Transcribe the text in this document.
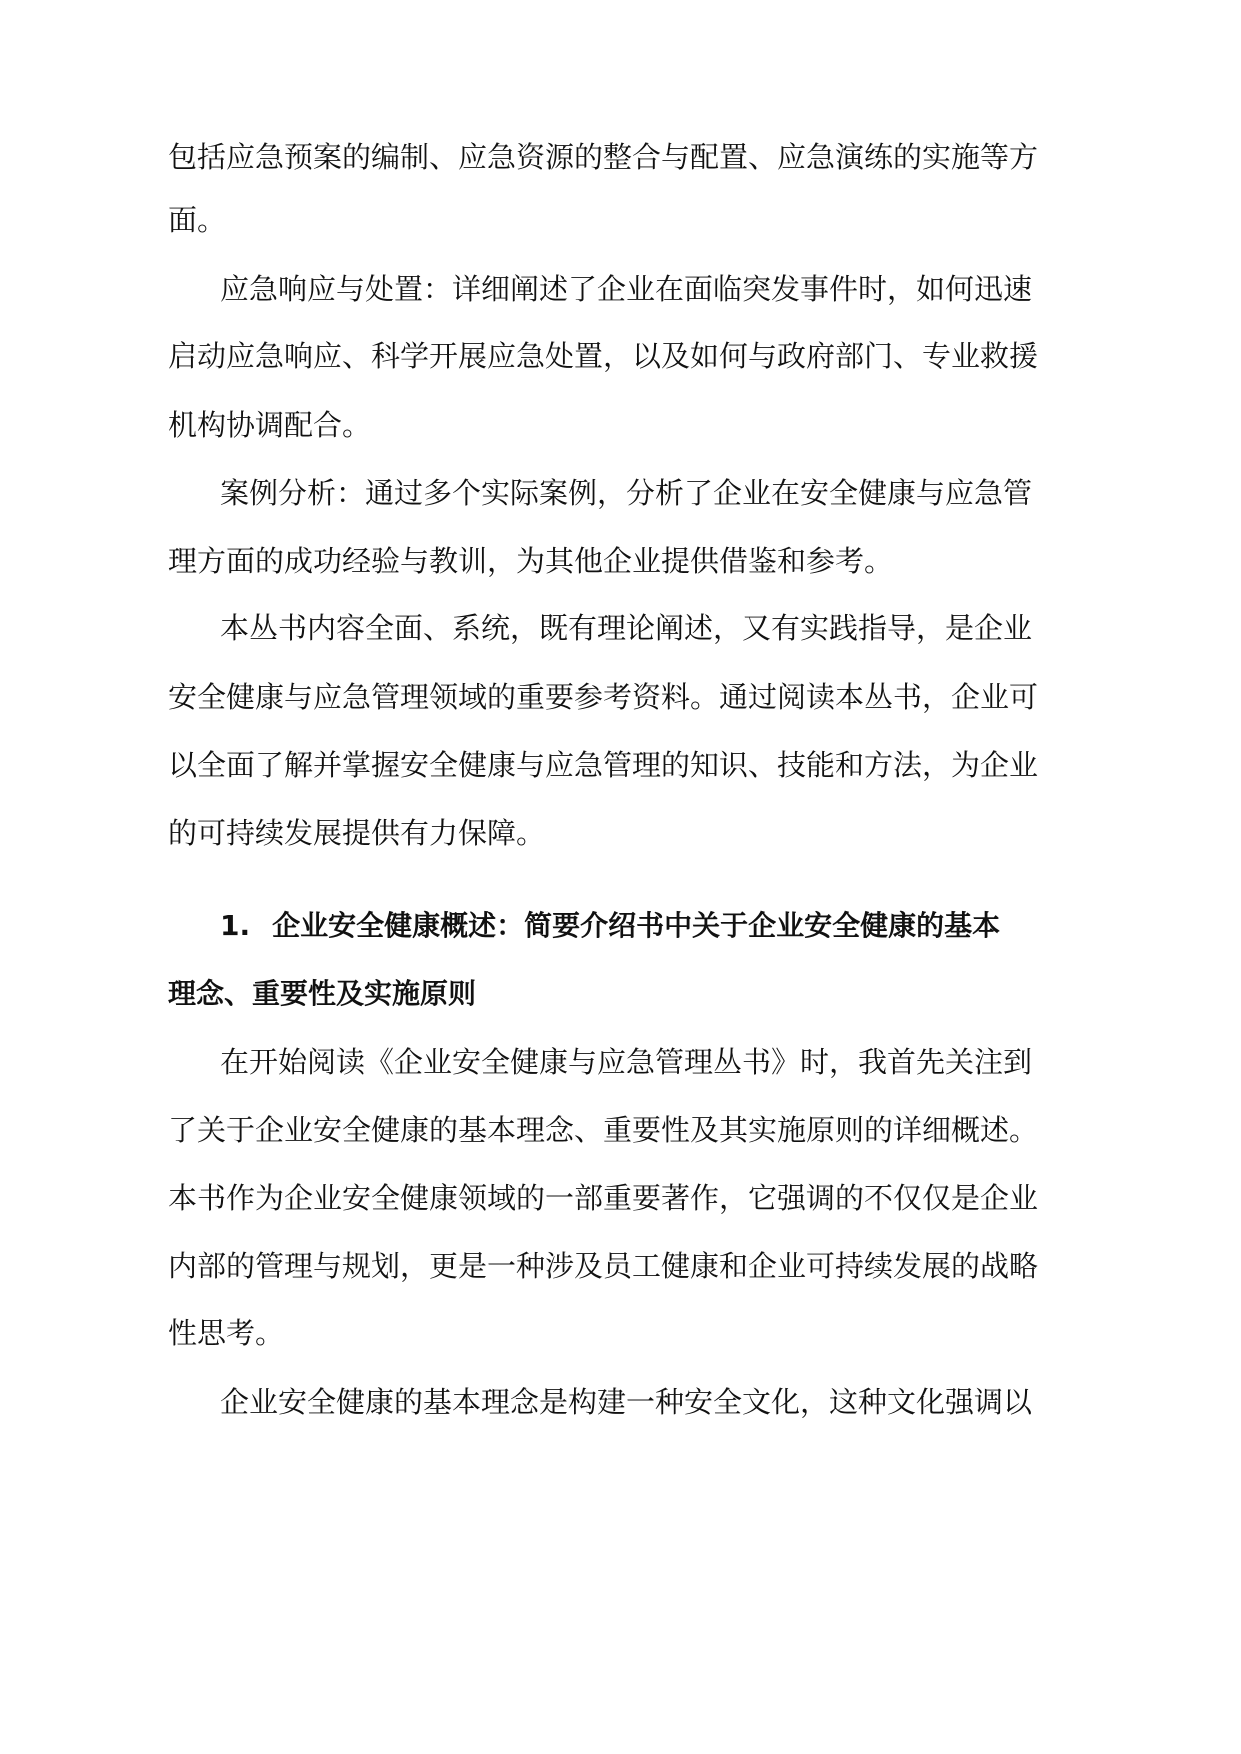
包括应急预案的编制、应急资源的整合与配置、应急演练的实施等方
面。
应急响应与处置：详细阐述了企业在面临突发事件时，如何迅速
启动应急响应、科学开展应急处置，以及如何与政府部门、专业救援
机构协调配合。
案例分析：通过多个实际案例，分析了企业在安全健康与应急管
理方面的成功经验与教训，为其他企业提供借鉴和参考。
本丛书内容全面、系统，既有理论阐述，又有实践指导，是企业
安全健康与应急管理领域的重要参考资料。通过阅读本丛书，企业可
以全面了解并掌握安全健康与应急管理的知识、技能和方法，为企业
的可持续发展提供有力保障。
1. 企业安全健康概述：简要介绍书中关于企业安全健康的基本
理念、重要性及实施原则
在开始阅读《企业安全健康与应急管理丛书》时，我首先关注到
了关于企业安全健康的基本理念、重要性及其实施原则的详细概述。
本书作为企业安全健康领域的一部重要著作，它强调的不仅仅是企业
内部的管理与规划，更是一种涉及员工健康和企业可持续发展的战略
性思考。
企业安全健康的基本理念是构建一种安全文化，这种文化强调以
